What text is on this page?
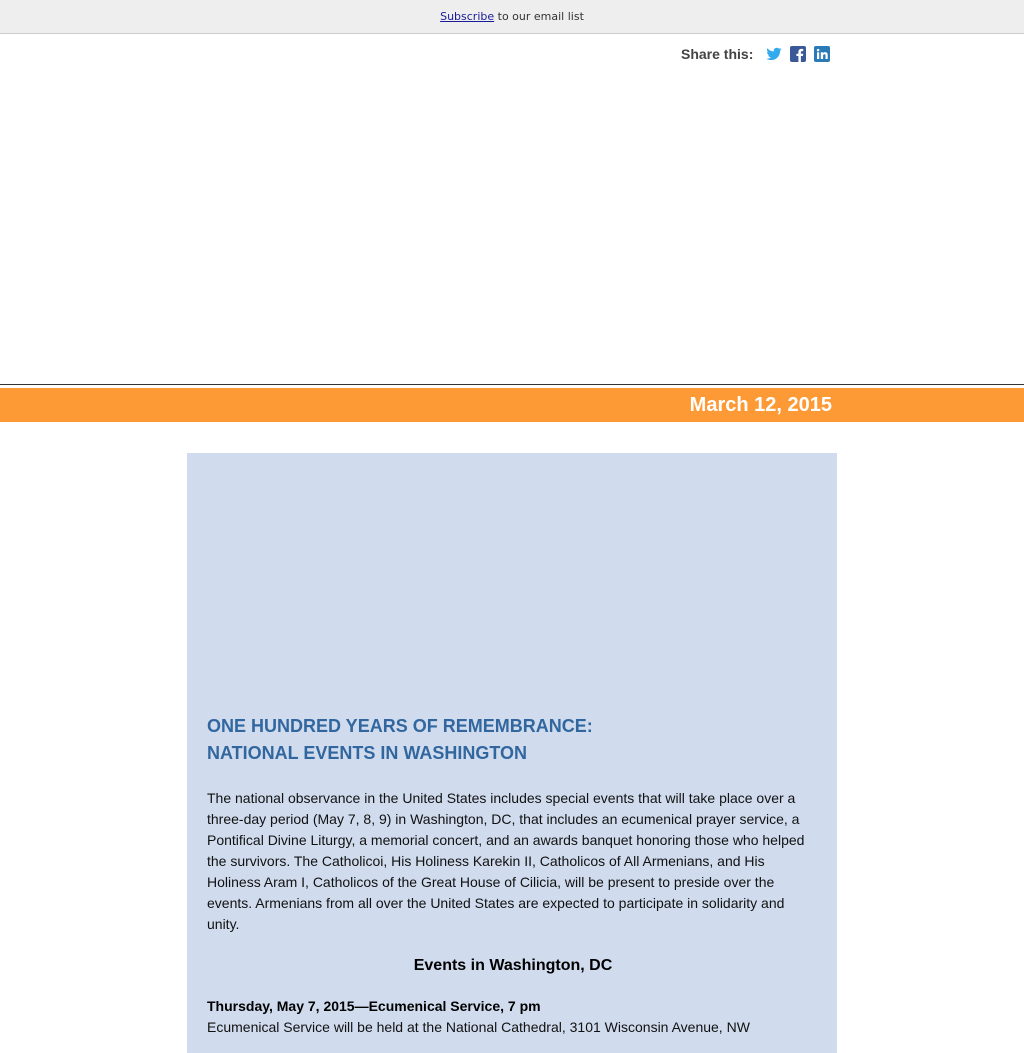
Subscribe to our email list
Share this:
March 12, 2015
ONE HUNDRED YEARS OF REMEMBRANCE:
NATIONAL EVENTS IN WASHINGTON

The national observance in the United States includes special events that will take place over a three-day period (May 7, 8, 9) in Washington, DC, that includes an ecumenical prayer service, a Pontifical Divine Liturgy, a memorial concert, and an awards banquet honoring those who helped the survivors. The Catholicoi, His Holiness Karekin II, Catholicos of All Armenians, and His Holiness Aram I, Catholicos of the Great House of Cilicia, will be present to preside over the events. Armenians from all over the United States are expected to participate in solidarity and unity.

Events in Washington, DC
Thursday, May 7, 2015—Ecumenical Service, 7 pm
Ecumenical Service will be held at the National Cathedral, 3101 Wisconsin Avenue, NW
